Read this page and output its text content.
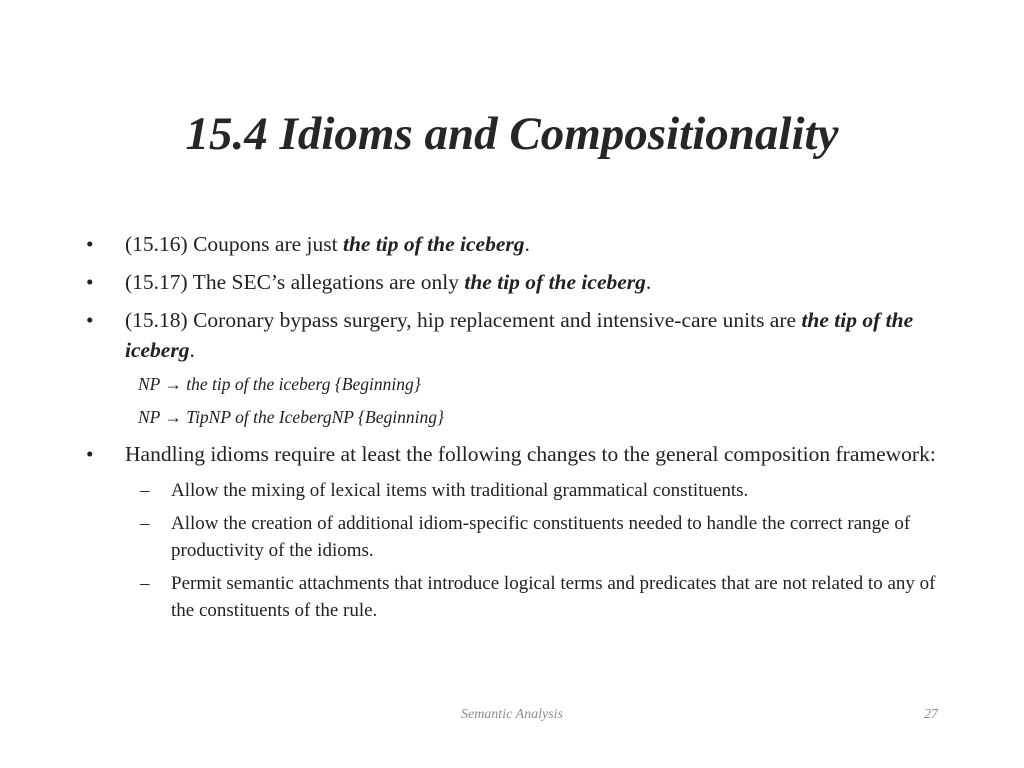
15.4 Idioms and Compositionality
• (15.16) Coupons are just the tip of the iceberg.
• (15.17) The SEC’s allegations are only the tip of the iceberg.
• (15.18) Coronary bypass surgery, hip replacement and intensive-care units are the tip of the iceberg.
NP → the tip of the iceberg {Beginning}
NP → TipNP of the IcebergNP {Beginning}
• Handling idioms require at least the following changes to the general composition framework:
– Allow the mixing of lexical items with traditional grammatical constituents.
– Allow the creation of additional idiom-specific constituents needed to handle the correct range of productivity of the idioms.
– Permit semantic attachments that introduce logical terms and predicates that are not related to any of the constituents of the rule.
Semantic Analysis	27
